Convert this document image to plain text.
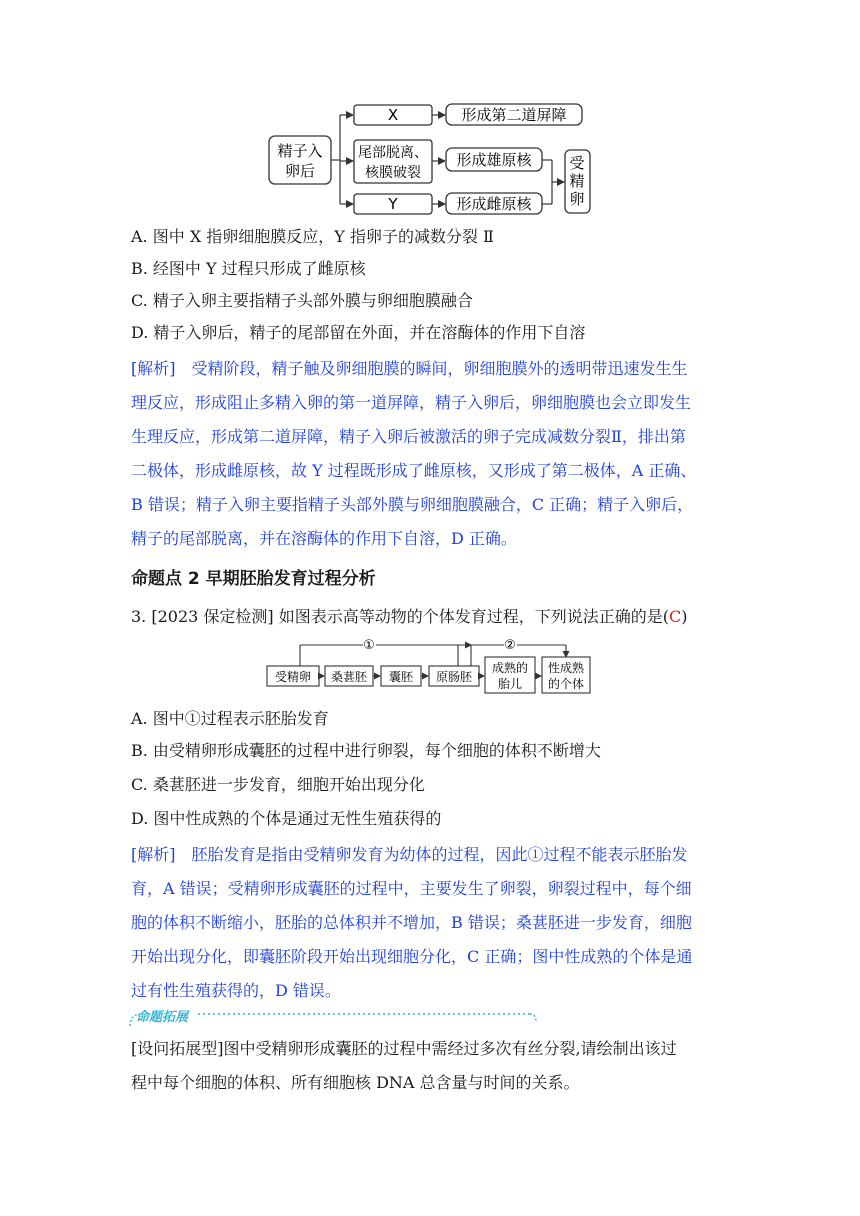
精子入
卵后
X
尾部脱离、
核膜破裂
Y
形成第二道屏障
形成雄原核
形成雌原核
受
精
卵
A. 图中 X 指卵细胞膜反应，Y 指卵子的减数分裂 Ⅱ
B. 经图中 Y 过程只形成了雌原核
C. 精子入卵主要指精子头部外膜与卵细胞膜融合
D. 精子入卵后，精子的尾部留在外面，并在溶酶体的作用下自溶
[解析]　受精阶段，精子触及卵细胞膜的瞬间，卵细胞膜外的透明带迅速发生生
理反应，形成阻止多精入卵的第一道屏障，精子入卵后，卵细胞膜也会立即发生
生理反应，形成第二道屏障，精子入卵后被激活的卵子完成减数分裂Ⅱ，排出第
二极体，形成雌原核，故 Y 过程既形成了雌原核，又形成了第二极体，A 正确、
B 错误；精子入卵主要指精子头部外膜与卵细胞膜融合，C 正确；精子入卵后，
精子的尾部脱离，并在溶酶体的作用下自溶，D 正确。
命题点 2 早期胚胎发育过程分析
3. [2023 保定检测] 如图表示高等动物的个体发育过程，下列说法正确的是(C)
①	②
受精卵 桑葚胚 囊胚 原肠胚
成熟的
胎儿
性成熟
的个体
A. 图中①过程表示胚胎发育
B. 由受精卵形成囊胚的过程中进行卵裂，每个细胞的体积不断增大
C. 桑葚胚进一步发育，细胞开始出现分化
D. 图中性成熟的个体是通过无性生殖获得的
[解析]　胚胎发育是指由受精卵发育为幼体的过程，因此①过程不能表示胚胎发
育，A 错误；受精卵形成囊胚的过程中，主要发生了卵裂，卵裂过程中，每个细
胞的体积不断缩小，胚胎的总体积并不增加，B 错误；桑葚胚进一步发育，细胞
开始出现分化，即囊胚阶段开始出现细胞分化，C 正确；图中性成熟的个体是通
过有性生殖获得的，D 错误。
命题拓展
[设问拓展型]图中受精卵形成囊胚的过程中需经过多次有丝分裂,请绘制出该过
程中每个细胞的体积、所有细胞核 DNA 总含量与时间的关系。
